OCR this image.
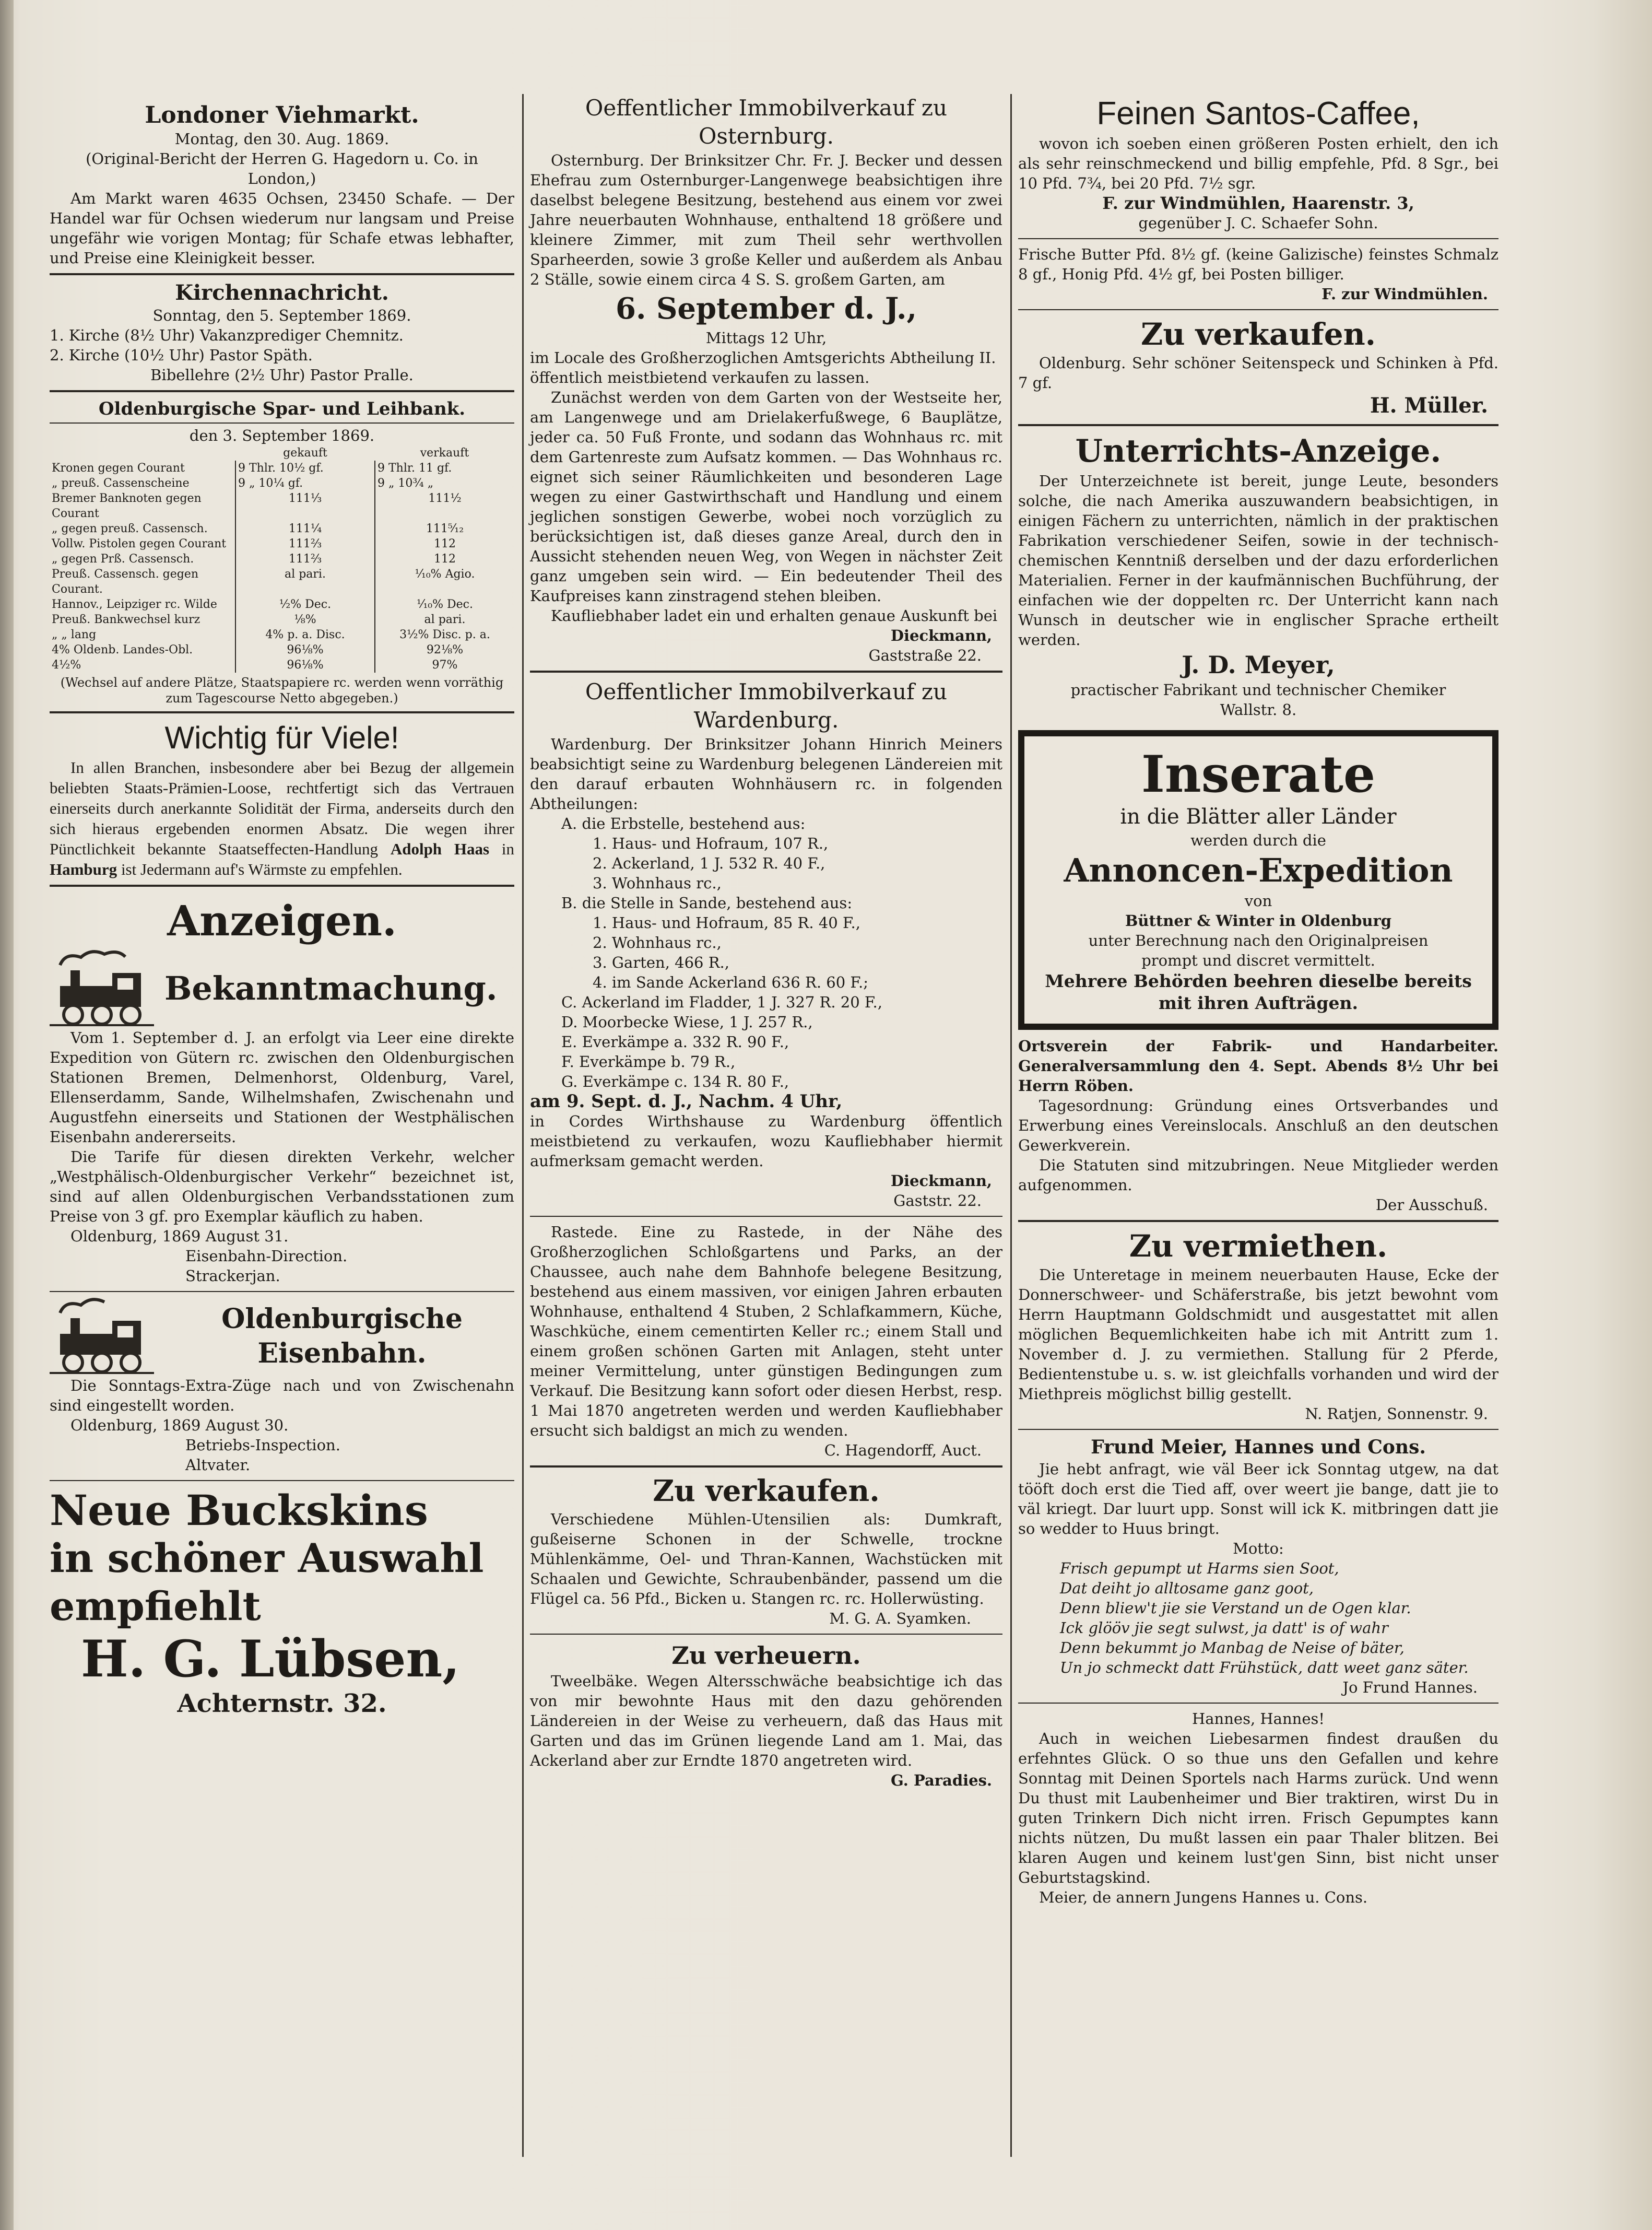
Londoner Viehmarkt.

Montag, den 30. Aug. 1869.

(Original-Bericht der Herren G. Hagedorn u. Co. in London,)

Am Markt waren 4635 Ochsen, 23450 Schafe. — Der Handel war für Ochsen wiederum nur langsam und Preise ungefähr wie vorigen Montag; für Schafe etwas lebhafter, und Preise eine Kleinigkeit besser.

Kirchennachricht.

Sonntag, den 5. September 1869.

1. Kirche (8½ Uhr) Vakanzprediger Chemnitz.

2. Kirche (10½ Uhr) Pastor Späth.

Bibellehre (2½ Uhr) Pastor Pralle.

Oldenburgische Spar- und Leihbank.

den 3. September 1869.

	gekauft	verkauft
Kronen gegen Courant	9 Thlr. 10½ gf.	9 Thlr. 11 gf.
„ preuß. Cassenscheine	9 „ 10¼ gf.	9 „ 10¾ „
Bremer Banknoten gegen Courant	111⅓	111½
„ gegen preuß. Cassensch.	111¼	111⁵⁄₁₂
Vollw. Pistolen gegen Courant	111⅔	112
„ gegen Prß. Cassensch.	111⅔	112
Preuß. Cassensch. gegen Courant.	al pari.	¹⁄₁₀% Agio.
Hannov., Leipziger rc. Wilde	½% Dec.	¹⁄₁₀% Dec.
Preuß. Bankwechsel kurz	⅛%	al pari.
„ „ lang	4% p. a. Disc.	3½% Disc. p. a.
4% Oldenb. Landes-Obl.	96⅛%	92⅛%
4½%	96⅛%	97%

(Wechsel auf andere Plätze, Staatspapiere rc. werden wenn vorräthig zum Tagescourse Netto abgegeben.)

Wichtig für Viele!

In allen Branchen, insbesondere aber bei Bezug der allgemein beliebten Staats-Prämien-Loose, rechtfertigt sich das Vertrauen einerseits durch anerkannte Solidität der Firma, anderseits durch den sich hieraus ergebenden enormen Absatz. Die wegen ihrer Pünctlichkeit bekannte Staatseffecten-Handlung Adolph Haas in Hamburg ist Jedermann auf's Wärmste zu empfehlen.

Anzeigen.

Bekanntmachung.

Vom 1. September d. J. an erfolgt via Leer eine direkte Expedition von Gütern rc. zwischen den Oldenburgischen Stationen Bremen, Delmenhorst, Oldenburg, Varel, Ellenserdamm, Sande, Wilhelmshafen, Zwischenahn und Augustfehn einerseits und Stationen der Westphälischen Eisenbahn andererseits.

Die Tarife für diesen direkten Verkehr, welcher „Westphälisch-Oldenburgischer Verkehr“ bezeichnet ist, sind auf allen Oldenburgischen Verbandsstationen zum Preise von 3 gf. pro Exemplar käuflich zu haben.

Oldenburg, 1869 August 31.

Eisenbahn-Direction.

Strackerjan.

Oldenburgische

Eisenbahn.

Die Sonntags-Extra-Züge nach und von Zwischenahn sind eingestellt worden.

Oldenburg, 1869 August 30.

Betriebs-Inspection.

Altvater.

Neue Buckskins

in schöner Auswahl

empfiehlt

H. G. Lübsen,

Achternstr. 32.

Oeffentlicher Immobilverkauf zu Osternburg.

Osternburg. Der Brinksitzer Chr. Fr. J. Becker und dessen Ehefrau zum Osternburger-Langenwege beabsichtigen ihre daselbst belegene Besitzung, bestehend aus einem vor zwei Jahre neuerbauten Wohnhause, enthaltend 18 größere und kleinere Zimmer, mit zum Theil sehr werthvollen Sparheerden, sowie 3 große Keller und außerdem als Anbau 2 Ställe, sowie einem circa 4 S. S. großem Garten, am

6. September d. J.,

Mittags 12 Uhr,

im Locale des Großherzoglichen Amtsgerichts Abtheilung II.

öffentlich meistbietend verkaufen zu lassen.

Zunächst werden von dem Garten von der Westseite her, am Langenwege und am Drielakerfußwege, 6 Bauplätze, jeder ca. 50 Fuß Fronte, und sodann das Wohnhaus rc. mit dem Gartenreste zum Aufsatz kommen. — Das Wohnhaus rc. eignet sich seiner Räumlichkeiten und besonderen Lage wegen zu einer Gastwirthschaft und Handlung und einem jeglichen sonstigen Gewerbe, wobei noch vorzüglich zu berücksichtigen ist, daß dieses ganze Areal, durch den in Aussicht stehenden neuen Weg, von Wegen in nächster Zeit ganz umgeben sein wird. — Ein bedeutender Theil des Kaufpreises kann zinstragend stehen bleiben.

Kaufliebhaber ladet ein und erhalten genaue Auskunft bei

Dieckmann,

Gaststraße 22.

Oeffentlicher Immobilverkauf zu Wardenburg.

Wardenburg. Der Brinksitzer Johann Hinrich Meiners beabsichtigt seine zu Wardenburg belegenen Ländereien mit den darauf erbauten Wohnhäusern rc. in folgenden Abtheilungen:

A. die Erbstelle, bestehend aus:

1. Haus- und Hofraum, 107 R.,

2. Ackerland, 1 J. 532 R. 40 F.,

3. Wohnhaus rc.,

B. die Stelle in Sande, bestehend aus:

1. Haus- und Hofraum, 85 R. 40 F.,

2. Wohnhaus rc.,

3. Garten, 466 R.,

4. im Sande Ackerland 636 R. 60 F.;

C. Ackerland im Fladder, 1 J. 327 R. 20 F.,

D. Moorbecke Wiese, 1 J. 257 R.,

E. Everkämpe a. 332 R. 90 F.,

F. Everkämpe b. 79 R.,

G. Everkämpe c. 134 R. 80 F.,

am 9. Sept. d. J., Nachm. 4 Uhr,

in Cordes Wirthshause zu Wardenburg öffentlich meistbietend zu verkaufen, wozu Kaufliebhaber hiermit aufmerksam gemacht werden.

Dieckmann,

Gaststr. 22.

Rastede. Eine zu Rastede, in der Nähe des Großherzoglichen Schloßgartens und Parks, an der Chaussee, auch nahe dem Bahnhofe belegene Besitzung, bestehend aus einem massiven, vor einigen Jahren erbauten Wohnhause, enthaltend 4 Stuben, 2 Schlafkammern, Küche, Waschküche, einem cementirten Keller rc.; einem Stall und einem großen schönen Garten mit Anlagen, steht unter meiner Vermittelung, unter günstigen Bedingungen zum Verkauf. Die Besitzung kann sofort oder diesen Herbst, resp. 1 Mai 1870 angetreten werden und werden Kaufliebhaber ersucht sich baldigst an mich zu wenden.

C. Hagendorff, Auct.

Zu verkaufen.

Verschiedene Mühlen-Utensilien als: Dumkraft, gußeiserne Schonen in der Schwelle, trockne Mühlenkämme, Oel- und Thran-Kannen, Wachstücken mit Schaalen und Gewichte, Schraubenbänder, passend um die Flügel ca. 56 Pfd., Bicken u. Stangen rc. rc. Hollerwüsting.

M. G. A. Syamken.

Zu verheuern.

Tweelbäke. Wegen Altersschwäche beabsichtige ich das von mir bewohnte Haus mit den dazu gehörenden Ländereien in der Weise zu verheuern, daß das Haus mit Garten und das im Grünen liegende Land am 1. Mai, das Ackerland aber zur Erndte 1870 angetreten wird.

G. Paradies.

Feinen Santos-Caffee,

wovon ich soeben einen größeren Posten erhielt, den ich als sehr reinschmeckend und billig empfehle, Pfd. 8 Sgr., bei 10 Pfd. 7¾, bei 20 Pfd. 7½ sgr.

F. zur Windmühlen, Haarenstr. 3,

gegenüber J. C. Schaefer Sohn.

Frische Butter Pfd. 8½ gf. (keine Galizische) feinstes Schmalz 8 gf., Honig Pfd. 4½ gf, bei Posten billiger.

F. zur Windmühlen.

Zu verkaufen.

Oldenburg. Sehr schöner Seitenspeck und Schinken à Pfd. 7 gf.

H. Müller.

Unterrichts-Anzeige.

Der Unterzeichnete ist bereit, junge Leute, besonders solche, die nach Amerika auszuwandern beabsichtigen, in einigen Fächern zu unterrichten, nämlich in der praktischen Fabrikation verschiedener Seifen, sowie in der technisch-chemischen Kenntniß derselben und der dazu erforderlichen Materialien. Ferner in der kaufmännischen Buchführung, der einfachen wie der doppelten rc. Der Unterricht kann nach Wunsch in deutscher wie in englischer Sprache ertheilt werden.

J. D. Meyer,

practischer Fabrikant und technischer Chemiker

Wallstr. 8.

Inserate

in die Blätter aller Länder

werden durch die

Annoncen-Expedition

von

Büttner & Winter in Oldenburg

unter Berechnung nach den Originalpreisen

prompt und discret vermittelt.

Mehrere Behörden beehren dieselbe bereits mit ihren Aufträgen.

Ortsverein der Fabrik- und Handarbeiter. Generalversammlung den 4. Sept. Abends 8½ Uhr bei Herrn Röben.

Tagesordnung: Gründung eines Ortsverbandes und Erwerbung eines Vereinslocals. Anschluß an den deutschen Gewerkverein.

Die Statuten sind mitzubringen. Neue Mitglieder werden aufgenommen.

Der Ausschuß.

Zu vermiethen.

Die Unteretage in meinem neuerbauten Hause, Ecke der Donnerschweer- und Schäferstraße, bis jetzt bewohnt vom Herrn Hauptmann Goldschmidt und ausgestattet mit allen möglichen Bequemlichkeiten habe ich mit Antritt zum 1. November d. J. zu vermiethen. Stallung für 2 Pferde, Bedientenstube u. s. w. ist gleichfalls vorhanden und wird der Miethpreis möglichst billig gestellt.

N. Ratjen, Sonnenstr. 9.

Frund Meier, Hannes und Cons.

Jie hebt anfragt, wie väl Beer ick Sonntag utgew, na dat tööft doch erst die Tied aff, over weert jie bange, datt jie to väl kriegt. Dar luurt upp. Sonst will ick K. mitbringen datt jie so wedder to Huus bringt.

Motto:

Frisch gepumpt ut Harms sien Soot,

Dat deiht jo alltosame ganz goot,

Denn bliew't jie sie Verstand un de Ogen klar.

Ick glööv jie segt sulwst, ja datt' is of wahr

Denn bekummt jo Manbag de Neise of bäter,

Un jo schmeckt datt Frühstück, datt weet ganz säter.

Jo Frund Hannes.

Hannes, Hannes!

Auch in weichen Liebesarmen findest draußen du erfehntes Glück. O so thue uns den Gefallen und kehre Sonntag mit Deinen Sportels nach Harms zurück. Und wenn Du thust mit Laubenheimer und Bier traktiren, wirst Du in guten Trinkern Dich nicht irren. Frisch Gepumptes kann nichts nützen, Du mußt lassen ein paar Thaler blitzen. Bei klaren Augen und keinem lust'gen Sinn, bist nicht unser Geburtstagskind.

Meier, de annern Jungens Hannes u. Cons.
